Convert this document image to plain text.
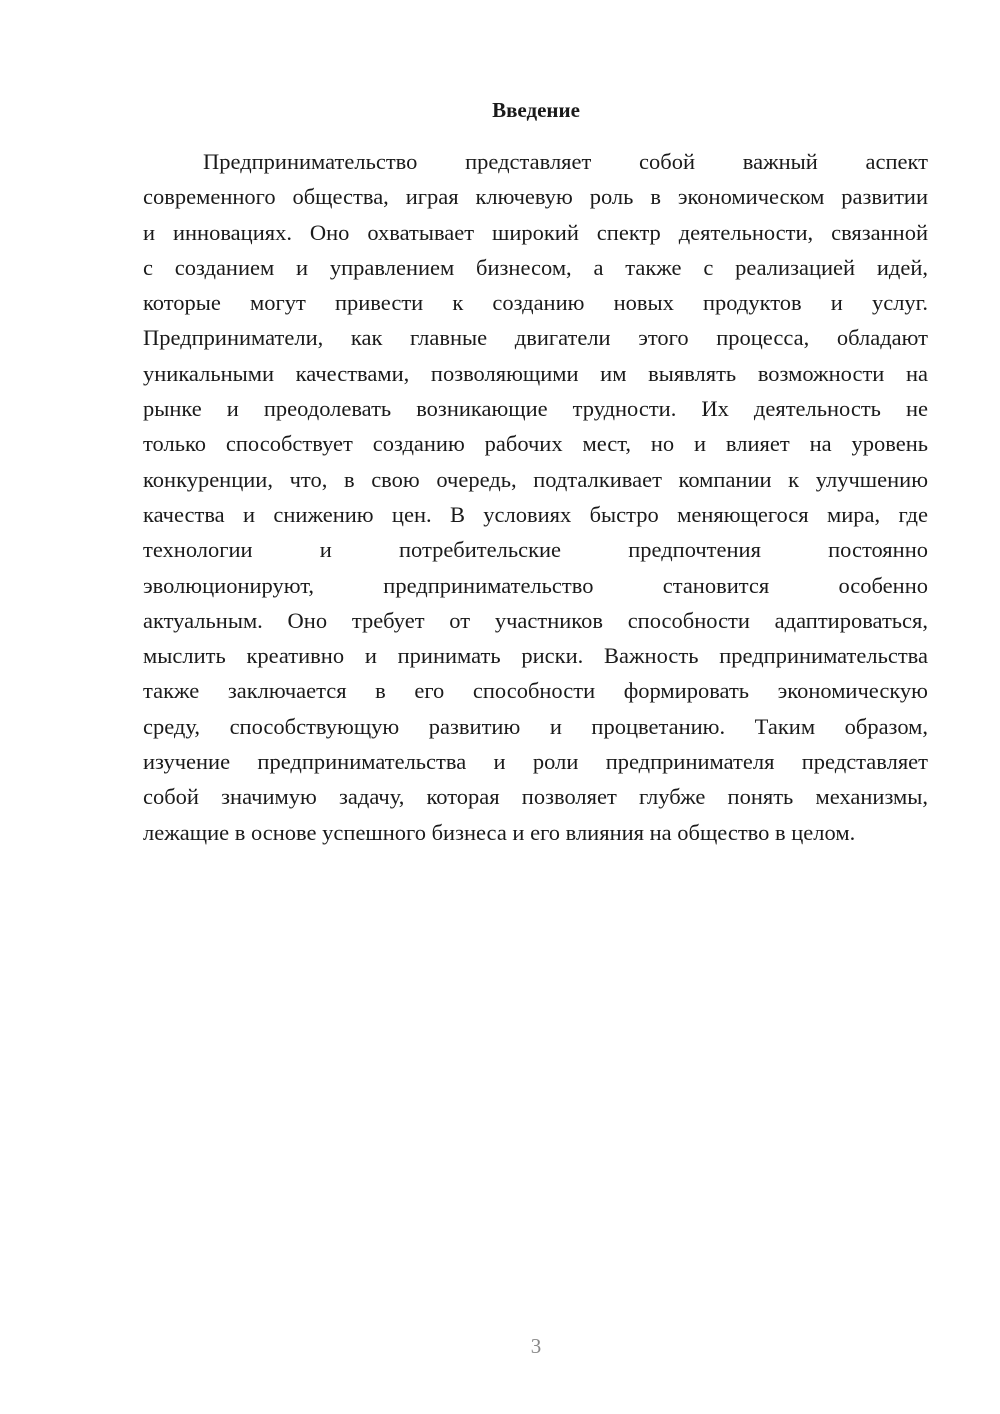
Введение
Предпринимательство представляет собой важный аспект
современного общества, играя ключевую роль в экономическом развитии
и инновациях. Оно охватывает широкий спектр деятельности, связанной
с созданием и управлением бизнесом, а также с реализацией идей,
которые могут привести к созданию новых продуктов и услуг.
Предприниматели, как главные двигатели этого процесса, обладают
уникальными качествами, позволяющими им выявлять возможности на
рынке и преодолевать возникающие трудности. Их деятельность не
только способствует созданию рабочих мест, но и влияет на уровень
конкуренции, что, в свою очередь, подталкивает компании к улучшению
качества и снижению цен. В условиях быстро меняющегося мира, где
технологии и потребительские предпочтения постоянно
эволюционируют, предпринимательство становится особенно
актуальным. Оно требует от участников способности адаптироваться,
мыслить креативно и принимать риски. Важность предпринимательства
также заключается в его способности формировать экономическую
среду, способствующую развитию и процветанию. Таким образом,
изучение предпринимательства и роли предпринимателя представляет
собой значимую задачу, которая позволяет глубже понять механизмы,
лежащие в основе успешного бизнеса и его влияния на общество в целом.
3
